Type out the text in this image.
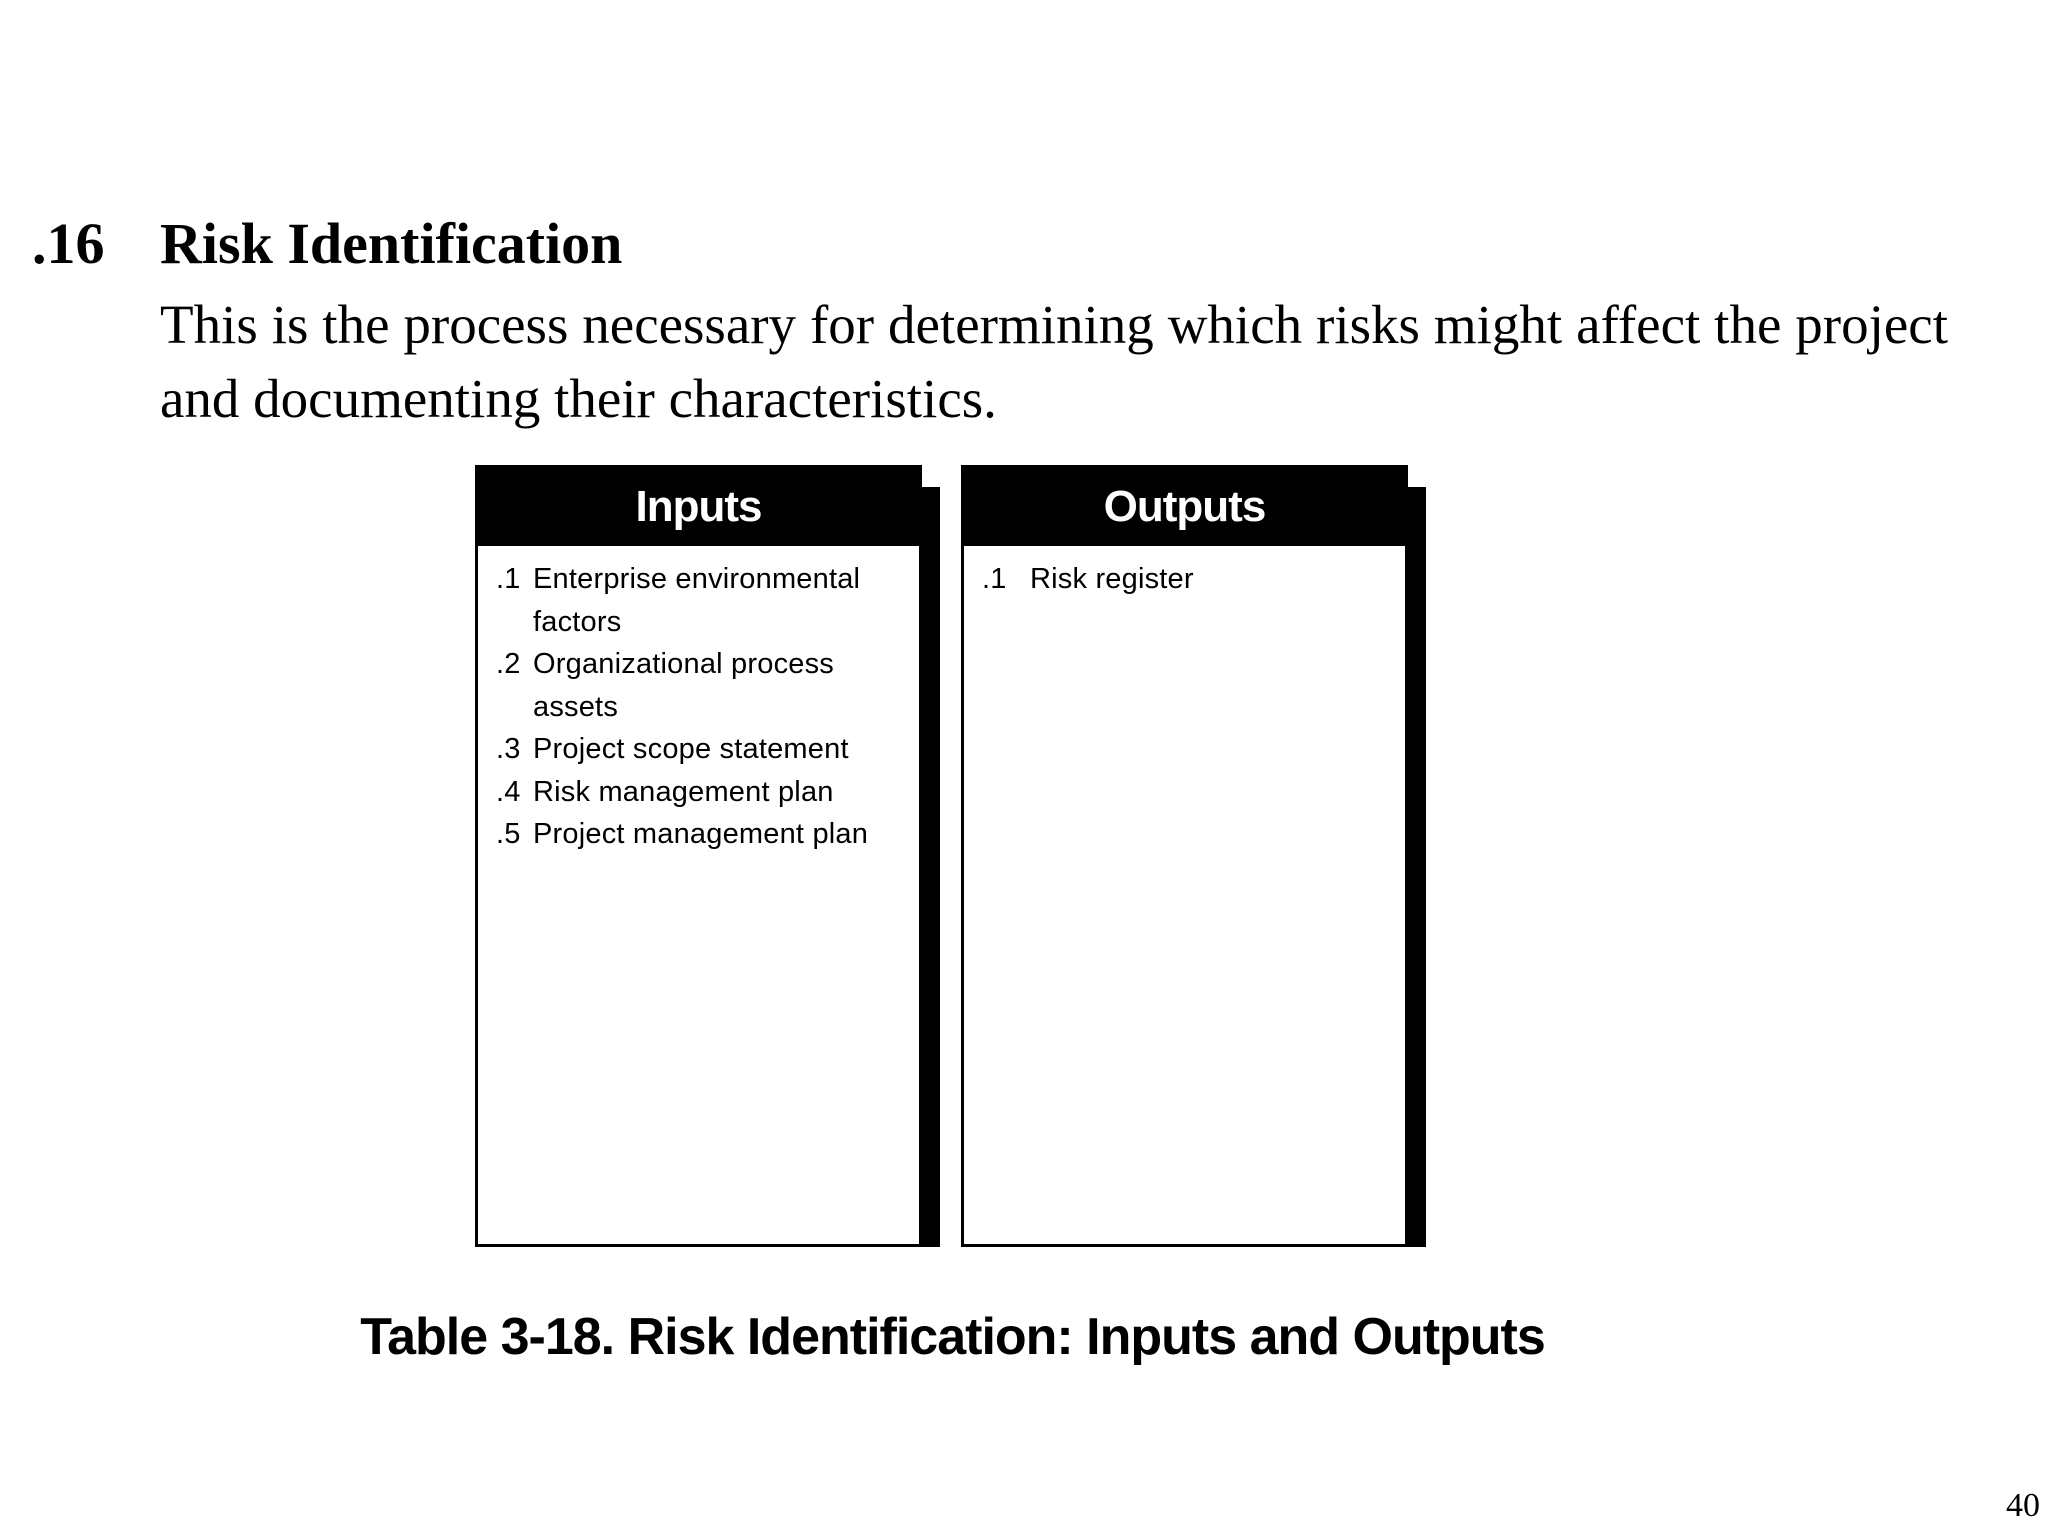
.16 Risk Identification
This is the process necessary for determining which risks might affect the project and documenting their characteristics.
Inputs
.1 Enterprise environmental factors
.2 Organizational process assets
.3 Project scope statement
.4 Risk management plan
.5 Project management plan
Outputs
.1 Risk register
Table 3-18. Risk Identification: Inputs and Outputs
40
